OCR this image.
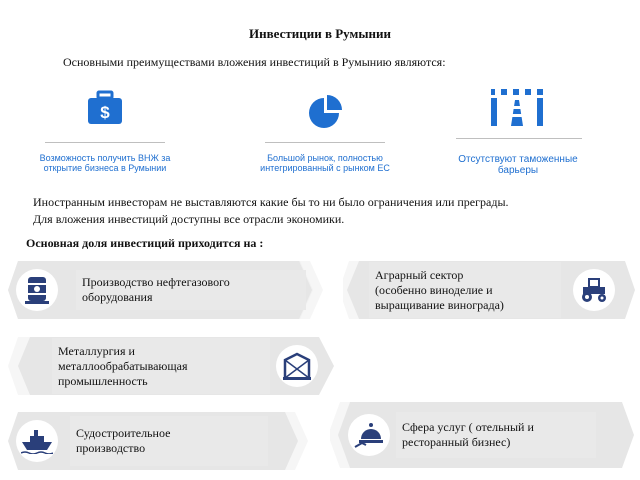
Инвестиции в Румынии
Основными преимуществами вложения инвестиций в Румынию являются:
$
Возможность получить ВНЖ за
открытие бизнеса в Румынии
Большой рынок, полностью
интегрированный с рынком ЕС
Отсутствуют таможенные
барьеры
Иностранным инвесторам не выставляются какие бы то ни было ограничения или преграды.
Для вложения инвестиций доступны все отрасли экономики.
Основная доля инвестиций приходится на :
Производство нефтегазового
оборудования
Аграрный сектор
(особенно виноделие и
выращивание винограда)
Металлургия и
металлообрабатывающая
промышленность
Судостроительное
производство
Сфера услуг ( отельный и
ресторанный бизнес)
